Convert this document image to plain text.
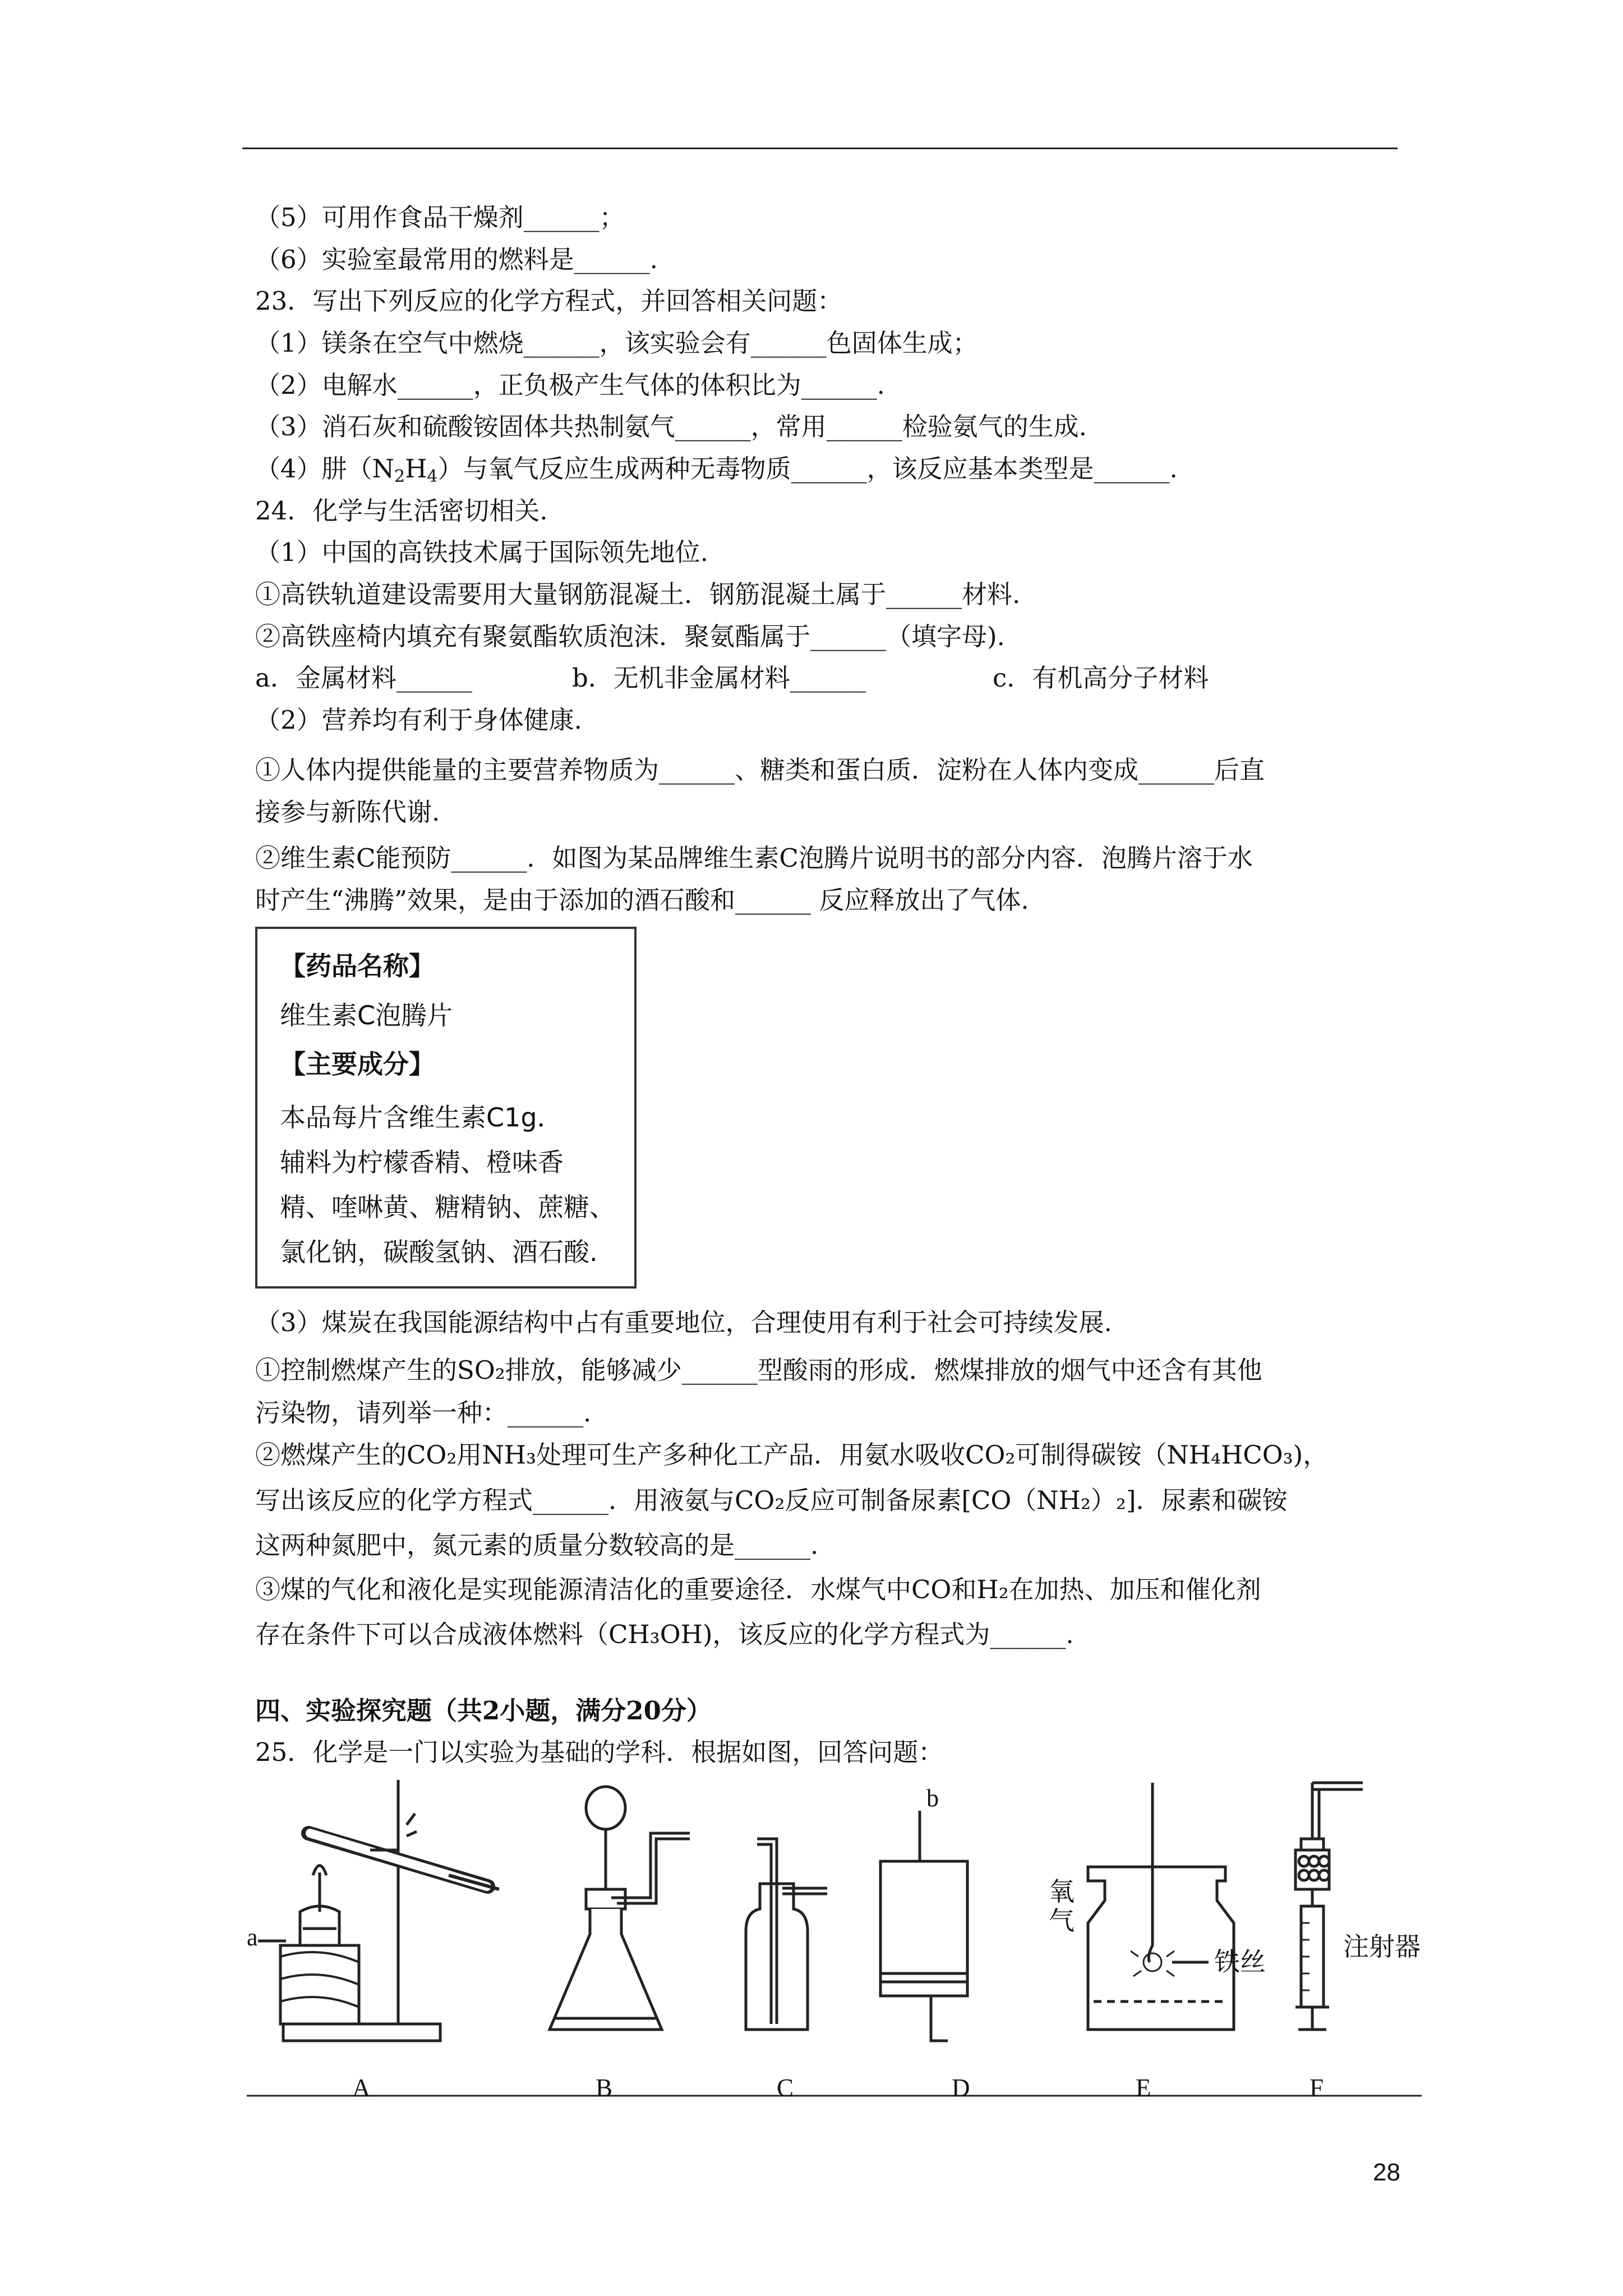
（5）可用作食品干燥剂______；
（6）实验室最常用的燃料是______.
23．写出下列反应的化学方程式，并回答相关问题：
（1）镁条在空气中燃烧______，该实验会有______色固体生成；
（2）电解水______，正负极产生气体的体积比为______.
（3）消石灰和硫酸铵固体共热制氨气______，常用______检验氨气的生成.
（4）肼$(N_2H_4)$与氧气反应生成两种无毒物质______，该反应基本类型是______.
24．化学与生活密切相关.
（1）中国的高铁技术属于国际领先地位.
①高铁轨道建设需要用大量钢筋混凝土．钢筋混凝土属于______材料.
②高铁座椅内填充有聚氨酯软质泡沫．聚氨酯属于______（填字母).
a．金属材料______	b．无机非金属材料______	c．有机高分子材料
（2）营养均有利于身体健康.
①人体内提供能量的主要营养物质为______、糖类和蛋白质．淀粉在人体内变成______后直
接参与新陈代谢.
②维生素C能预防______．如图为某品牌维生素C泡腾片说明书的部分内容．泡腾片溶于水
时产生“沸腾”效果，是由于添加的酒石酸和______ 反应释放出了气体.
【药品名称】
维生素C泡腾片
【主要成分】
本品每片含维生素C1g．
辅料为柠檬香精、橙味香
精、喹啉黄、糖精钠、蔗糖、
氯化钠，碳酸氢钠、酒石酸.
（3）煤炭在我国能源结构中占有重要地位，合理使用有利于社会可持续发展.
①控制燃煤产生的SO₂排放，能够减少______型酸雨的形成．燃煤排放的烟气中还含有其他
污染物，请列举一种：______.
②燃煤产生的CO₂用NH₃处理可生产多种化工产品．用氨水吸收CO₂可制得碳铵（NH₄HCO₃)，
写出该反应的化学方程式______．用液氨与CO₂反应可制备尿素[CO（NH₂）₂]．尿素和碳铵
这两种氮肥中，氮元素的质量分数较高的是______.
③煤的气化和液化是实现能源清洁化的重要途径．水煤气中CO和H₂在加热、加压和催化剂
存在条件下可以合成液体燃料（CH₃OH)，该反应的化学方程式为______.
四、实验探究题（共2小题，满分20分）
25．化学是一门以实验为基础的学科．根据如图，回答问题：
a
b
氧
气
铁丝	注射器
A	B	C	D	E	F
28
